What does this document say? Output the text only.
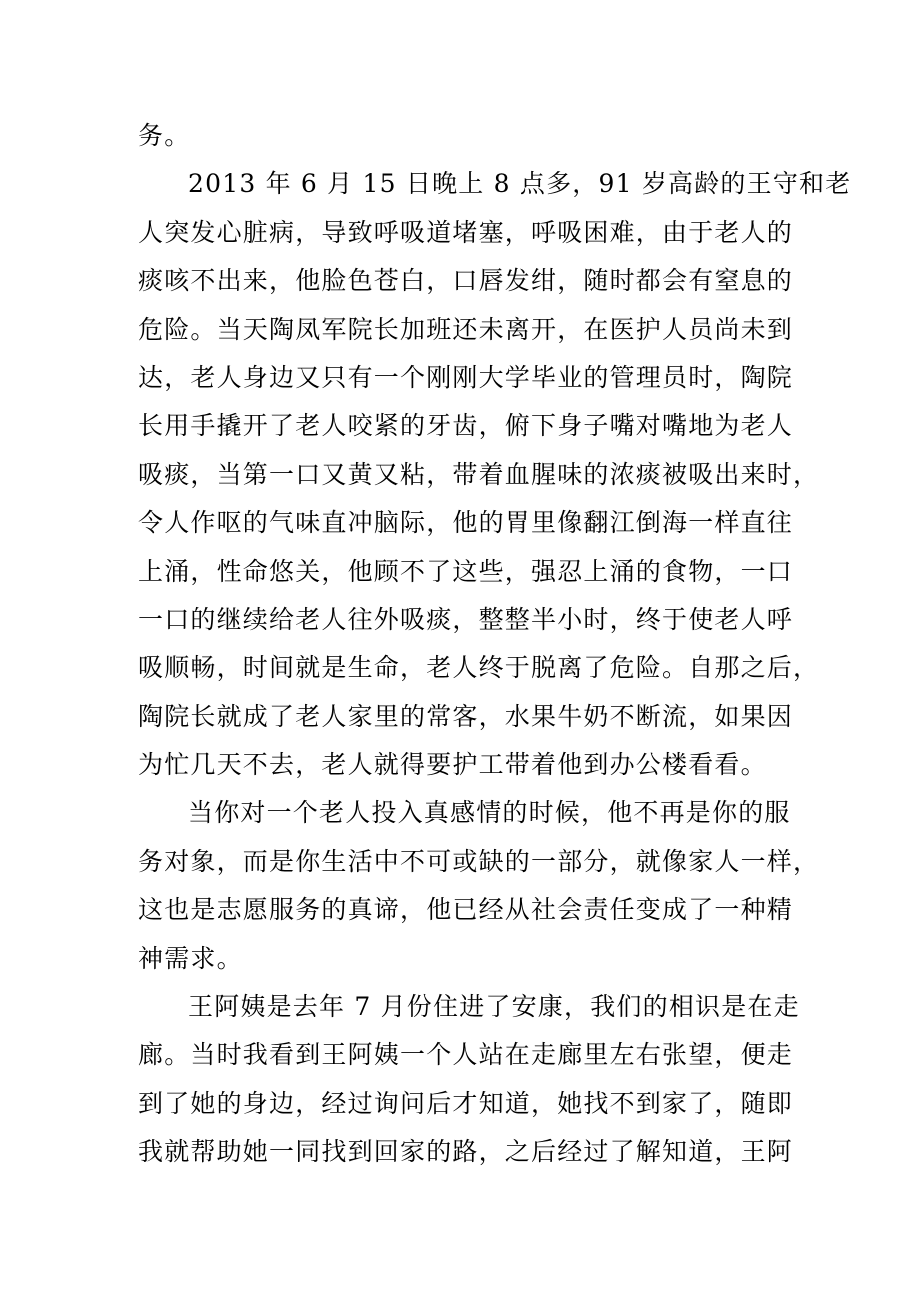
务。
2013 年 6 月 15 日晚上 8 点多，91 岁高龄的王守和老
人突发心脏病，导致呼吸道堵塞，呼吸困难，由于老人的
痰咳不出来，他脸色苍白，口唇发绀，随时都会有窒息的
危险。当天陶凤军院长加班还未离开，在医护人员尚未到
达，老人身边又只有一个刚刚大学毕业的管理员时，陶院
长用手撬开了老人咬紧的牙齿，俯下身子嘴对嘴地为老人
吸痰，当第一口又黄又粘，带着血腥味的浓痰被吸出来时，
令人作呕的气味直冲脑际，他的胃里像翻江倒海一样直往
上涌，性命悠关，他顾不了这些，强忍上涌的食物，一口
一口的继续给老人往外吸痰，整整半小时，终于使老人呼
吸顺畅，时间就是生命，老人终于脱离了危险。自那之后，
陶院长就成了老人家里的常客，水果牛奶不断流，如果因
为忙几天不去，老人就得要护工带着他到办公楼看看。
当你对一个老人投入真感情的时候，他不再是你的服
务对象，而是你生活中不可或缺的一部分，就像家人一样，
这也是志愿服务的真谛，他已经从社会责任变成了一种精
神需求。
王阿姨是去年 7 月份住进了安康，我们的相识是在走
廊。当时我看到王阿姨一个人站在走廊里左右张望，便走
到了她的身边，经过询问后才知道，她找不到家了，随即
我就帮助她一同找到回家的路，之后经过了解知道，王阿
